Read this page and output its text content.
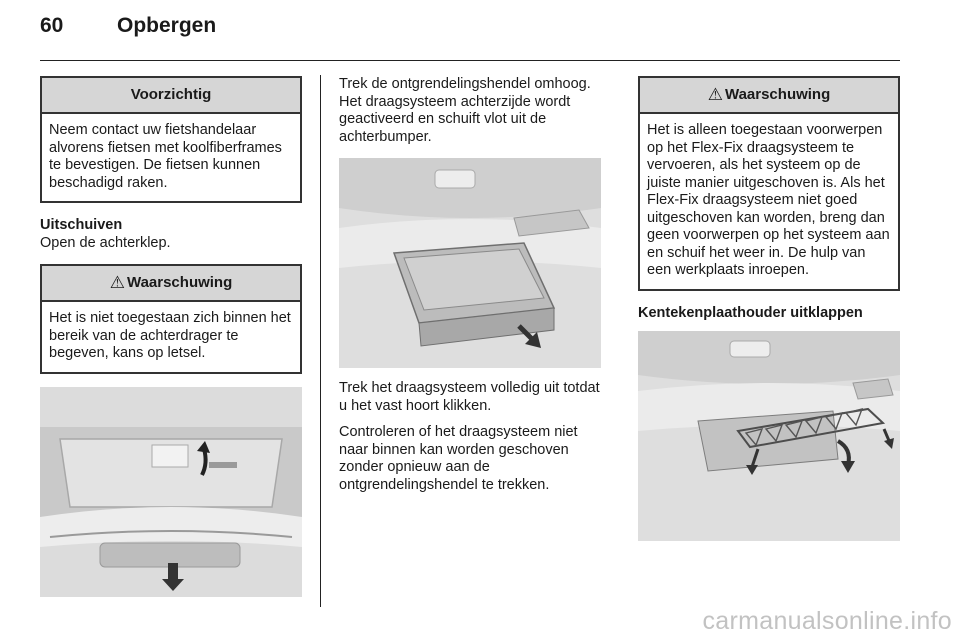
60	Opbergen
Voorzichtig
Neem contact uw fietshandelaar alvorens fietsen met koolfiberframes te bevestigen. De fietsen kunnen beschadigd raken.

Uitschuiven

Open de achterklep.

⚠ Waarschuwing
Het is niet toegestaan zich binnen het bereik van de achterdrager te begeven, kans op letsel.

Trek de ontgrendelingshendel omhoog. Het draagsysteem achterzijde wordt geactiveerd en schuift vlot uit de achterbumper.

Trek het draagsysteem volledig uit totdat u het vast hoort klikken.

Controleren of het draagsysteem niet naar binnen kan worden geschoven zonder opnieuw aan de ontgrendelingshendel te trekken.

⚠ Waarschuwing
Het is alleen toegestaan voorwerpen op het Flex-Fix draagsysteem te vervoeren, als het systeem op de juiste manier uitgeschoven is. Als het Flex-Fix draagsysteem niet goed uitgeschoven kan worden, breng dan geen voorwerpen op het systeem aan en schuif het weer in. De hulp van een werkplaats inroepen.

Kentekenplaathouder uitklappen

carmanualsonline.info
